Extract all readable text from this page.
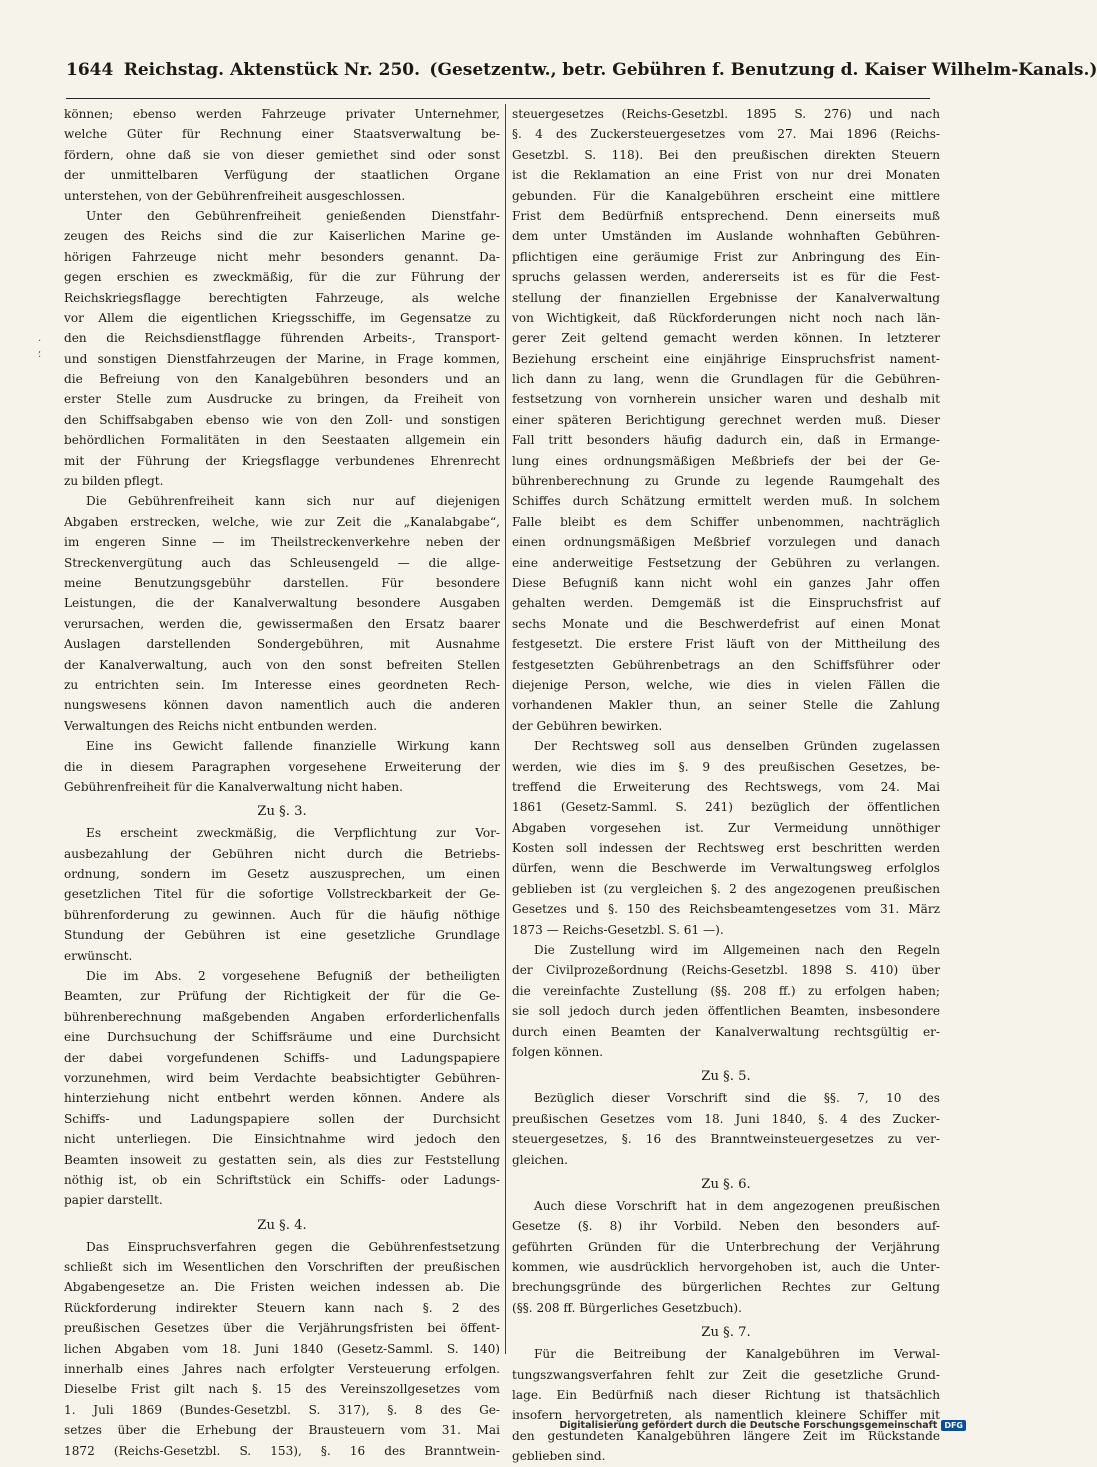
1644 Reichstag. Aktenstück Nr. 250. (Gesetzentw., betr. Gebühren f. Benutzung d. Kaiser Wilhelm-Kanals.)
können; ebenso werden Fahrzeuge privater Unternehmer,
welche Güter für Rechnung einer Staatsverwaltung be-
fördern, ohne daß sie von dieser gemiethet sind oder sonst
der unmittelbaren Verfügung der staatlichen Organe
unterstehen, von der Gebührenfreiheit ausgeschlossen.
Unter den Gebührenfreiheit genießenden Dienstfahr-
zeugen des Reichs sind die zur Kaiserlichen Marine ge-
hörigen Fahrzeuge nicht mehr besonders genannt. Da-
gegen erschien es zweckmäßig, für die zur Führung der
Reichskriegsflagge berechtigten Fahrzeuge, als welche
vor Allem die eigentlichen Kriegsschiffe, im Gegensatze zu
den die Reichsdienstflagge führenden Arbeits-, Transport-
und sonstigen Dienstfahrzeugen der Marine, in Frage kommen,
die Befreiung von den Kanalgebühren besonders und an
erster Stelle zum Ausdrucke zu bringen, da Freiheit von
den Schiffsabgaben ebenso wie von den Zoll- und sonstigen
behördlichen Formalitäten in den Seestaaten allgemein ein
mit der Führung der Kriegsflagge verbundenes Ehrenrecht
zu bilden pflegt.
Die Gebührenfreiheit kann sich nur auf diejenigen
Abgaben erstrecken, welche, wie zur Zeit die „Kanalabgabe“,
im engeren Sinne — im Theilstreckenverkehre neben der
Streckenvergütung auch das Schleusengeld — die allge-
meine Benutzungsgebühr darstellen. Für besondere
Leistungen, die der Kanalverwaltung besondere Ausgaben
verursachen, werden die, gewissermaßen den Ersatz baarer
Auslagen darstellenden Sondergebühren, mit Ausnahme
der Kanalverwaltung, auch von den sonst befreiten Stellen
zu entrichten sein. Im Interesse eines geordneten Rech-
nungswesens können davon namentlich auch die anderen
Verwaltungen des Reichs nicht entbunden werden.
Eine ins Gewicht fallende finanzielle Wirkung kann
die in diesem Paragraphen vorgesehene Erweiterung der
Gebührenfreiheit für die Kanalverwaltung nicht haben.
Zu §. 3.
Es erscheint zweckmäßig, die Verpflichtung zur Vor-
ausbezahlung der Gebühren nicht durch die Betriebs-
ordnung, sondern im Gesetz auszusprechen, um einen
gesetzlichen Titel für die sofortige Vollstreckbarkeit der Ge-
bührenforderung zu gewinnen. Auch für die häufig nöthige
Stundung der Gebühren ist eine gesetzliche Grundlage
erwünscht.
Die im Abs. 2 vorgesehene Befugniß der betheiligten
Beamten, zur Prüfung der Richtigkeit der für die Ge-
bührenberechnung maßgebenden Angaben erforderlichenfalls
eine Durchsuchung der Schiffsräume und eine Durchsicht
der dabei vorgefundenen Schiffs- und Ladungspapiere
vorzunehmen, wird beim Verdachte beabsichtigter Gebühren-
hinterziehung nicht entbehrt werden können. Andere als
Schiffs- und Ladungspapiere sollen der Durchsicht
nicht unterliegen. Die Einsichtnahme wird jedoch den
Beamten insoweit zu gestatten sein, als dies zur Feststellung
nöthig ist, ob ein Schriftstück ein Schiffs- oder Ladungs-
papier darstellt.
Zu §. 4.
Das Einspruchsverfahren gegen die Gebührenfestsetzung
schließt sich im Wesentlichen den Vorschriften der preußischen
Abgabengesetze an. Die Fristen weichen indessen ab. Die
Rückforderung indirekter Steuern kann nach §. 2 des
preußischen Gesetzes über die Verjährungsfristen bei öffent-
lichen Abgaben vom 18. Juni 1840 (Gesetz-Samml. S. 140)
innerhalb eines Jahres nach erfolgter Versteuerung erfolgen.
Dieselbe Frist gilt nach §. 15 des Vereinszollgesetzes vom
1. Juli 1869 (Bundes-Gesetzbl. S. 317), §. 8 des Ge-
setzes über die Erhebung der Brausteuern vom 31. Mai
1872 (Reichs-Gesetzbl. S. 153), §. 16 des Branntwein-
steuergesetzes (Reichs-Gesetzbl. 1895 S. 276) und nach
§. 4 des Zuckersteuergesetzes vom 27. Mai 1896 (Reichs-
Gesetzbl. S. 118). Bei den preußischen direkten Steuern
ist die Reklamation an eine Frist von nur drei Monaten
gebunden. Für die Kanalgebühren erscheint eine mittlere
Frist dem Bedürfniß entsprechend. Denn einerseits muß
dem unter Umständen im Auslande wohnhaften Gebühren-
pflichtigen eine geräumige Frist zur Anbringung des Ein-
spruchs gelassen werden, andererseits ist es für die Fest-
stellung der finanziellen Ergebnisse der Kanalverwaltung
von Wichtigkeit, daß Rückforderungen nicht noch nach län-
gerer Zeit geltend gemacht werden können. In letzterer
Beziehung erscheint eine einjährige Einspruchsfrist nament-
lich dann zu lang, wenn die Grundlagen für die Gebühren-
festsetzung von vornherein unsicher waren und deshalb mit
einer späteren Berichtigung gerechnet werden muß. Dieser
Fall tritt besonders häufig dadurch ein, daß in Ermange-
lung eines ordnungsmäßigen Meßbriefs der bei der Ge-
bührenberechnung zu Grunde zu legende Raumgehalt des
Schiffes durch Schätzung ermittelt werden muß. In solchem
Falle bleibt es dem Schiffer unbenommen, nachträglich
einen ordnungsmäßigen Meßbrief vorzulegen und danach
eine anderweitige Festsetzung der Gebühren zu verlangen.
Diese Befugniß kann nicht wohl ein ganzes Jahr offen
gehalten werden. Demgemäß ist die Einspruchsfrist auf
sechs Monate und die Beschwerdefrist auf einen Monat
festgesetzt. Die erstere Frist läuft von der Mittheilung des
festgesetzten Gebührenbetrags an den Schiffsführer oder
diejenige Person, welche, wie dies in vielen Fällen die
vorhandenen Makler thun, an seiner Stelle die Zahlung
der Gebühren bewirken.
Der Rechtsweg soll aus denselben Gründen zugelassen
werden, wie dies im §. 9 des preußischen Gesetzes, be-
treffend die Erweiterung des Rechtswegs, vom 24. Mai
1861 (Gesetz-Samml. S. 241) bezüglich der öffentlichen
Abgaben vorgesehen ist. Zur Vermeidung unnöthiger
Kosten soll indessen der Rechtsweg erst beschritten werden
dürfen, wenn die Beschwerde im Verwaltungsweg erfolglos
geblieben ist (zu vergleichen §. 2 des angezogenen preußischen
Gesetzes und §. 150 des Reichsbeamtengesetzes vom 31. März
1873 — Reichs-Gesetzbl. S. 61 —).
Die Zustellung wird im Allgemeinen nach den Regeln
der Civilprozeßordnung (Reichs-Gesetzbl. 1898 S. 410) über
die vereinfachte Zustellung (§§. 208 ff.) zu erfolgen haben;
sie soll jedoch durch jeden öffentlichen Beamten, insbesondere
durch einen Beamten der Kanalverwaltung rechtsgültig er-
folgen können.
Zu §. 5.
Bezüglich dieser Vorschrift sind die §§. 7, 10 des
preußischen Gesetzes vom 18. Juni 1840, §. 4 des Zucker-
steuergesetzes, §. 16 des Branntweinsteuergesetzes zu ver-
gleichen.
Zu §. 6.
Auch diese Vorschrift hat in dem angezogenen preußischen
Gesetze (§. 8) ihr Vorbild. Neben den besonders auf-
geführten Gründen für die Unterbrechung der Verjährung
kommen, wie ausdrücklich hervorgehoben ist, auch die Unter-
brechungsgründe des bürgerlichen Rechtes zur Geltung
(§§. 208 ff. Bürgerliches Gesetzbuch).
Zu §. 7.
Für die Beitreibung der Kanalgebühren im Verwal-
tungszwangsverfahren fehlt zur Zeit die gesetzliche Grund-
lage. Ein Bedürfniß nach dieser Richtung ist thatsächlich
insofern hervorgetreten, als namentlich kleinere Schiffer mit
den gestundeten Kanalgebühren längere Zeit im Rückstande
geblieben sind.
·
,
·
Digitalisierung gefördert durch die Deutsche Forschungsgemeinschaft DFG
